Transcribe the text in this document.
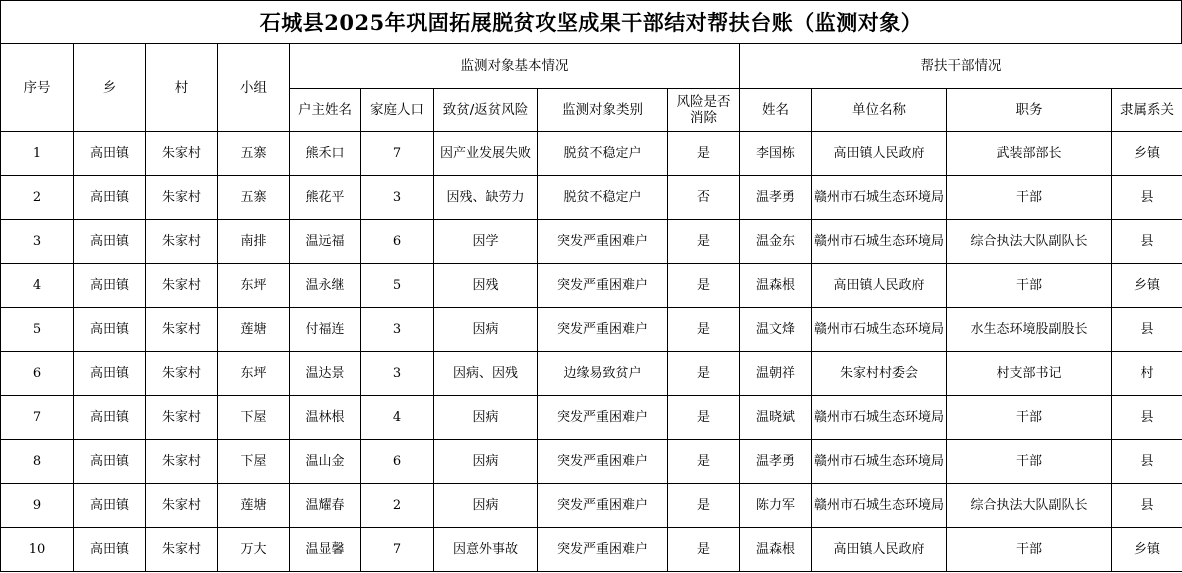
石城县2025年巩固拓展脱贫攻坚成果干部结对帮扶台账（监测对象）
序号	乡	村	小组	监测对象基本情况					帮扶干部情况			
				户主姓名	家庭人口	致贫/返贫风险	监测对象类别	风险是否消除	姓名	单位名称	职务	隶属系关
1	高田镇	朱家村	五寨	熊禾口	7	因产业发展失败	脱贫不稳定户	是	李国栋	高田镇人民政府	武装部部长	乡镇
2	高田镇	朱家村	五寨	熊花平	3	因残、缺劳力	脱贫不稳定户	否	温孝勇	赣州市石城生态环境局	干部	县
3	高田镇	朱家村	南排	温远福	6	因学	突发严重困难户	是	温金东	赣州市石城生态环境局	综合执法大队副队长	县
4	高田镇	朱家村	东坪	温永继	5	因残	突发严重困难户	是	温森根	高田镇人民政府	干部	乡镇
5	高田镇	朱家村	莲塘	付福连	3	因病	突发严重困难户	是	温文烽	赣州市石城生态环境局	水生态环境股副股长	县
6	高田镇	朱家村	东坪	温达景	3	因病、因残	边缘易致贫户	是	温朝祥	朱家村村委会	村支部书记	村
7	高田镇	朱家村	下屋	温林根	4	因病	突发严重困难户	是	温晓斌	赣州市石城生态环境局	干部	县
8	高田镇	朱家村	下屋	温山金	6	因病	突发严重困难户	是	温孝勇	赣州市石城生态环境局	干部	县
9	高田镇	朱家村	莲塘	温耀春	2	因病	突发严重困难户	是	陈力军	赣州市石城生态环境局	综合执法大队副队长	县
10	高田镇	朱家村	万大	温显馨	7	因意外事故	突发严重困难户	是	温森根	高田镇人民政府	干部	乡镇
